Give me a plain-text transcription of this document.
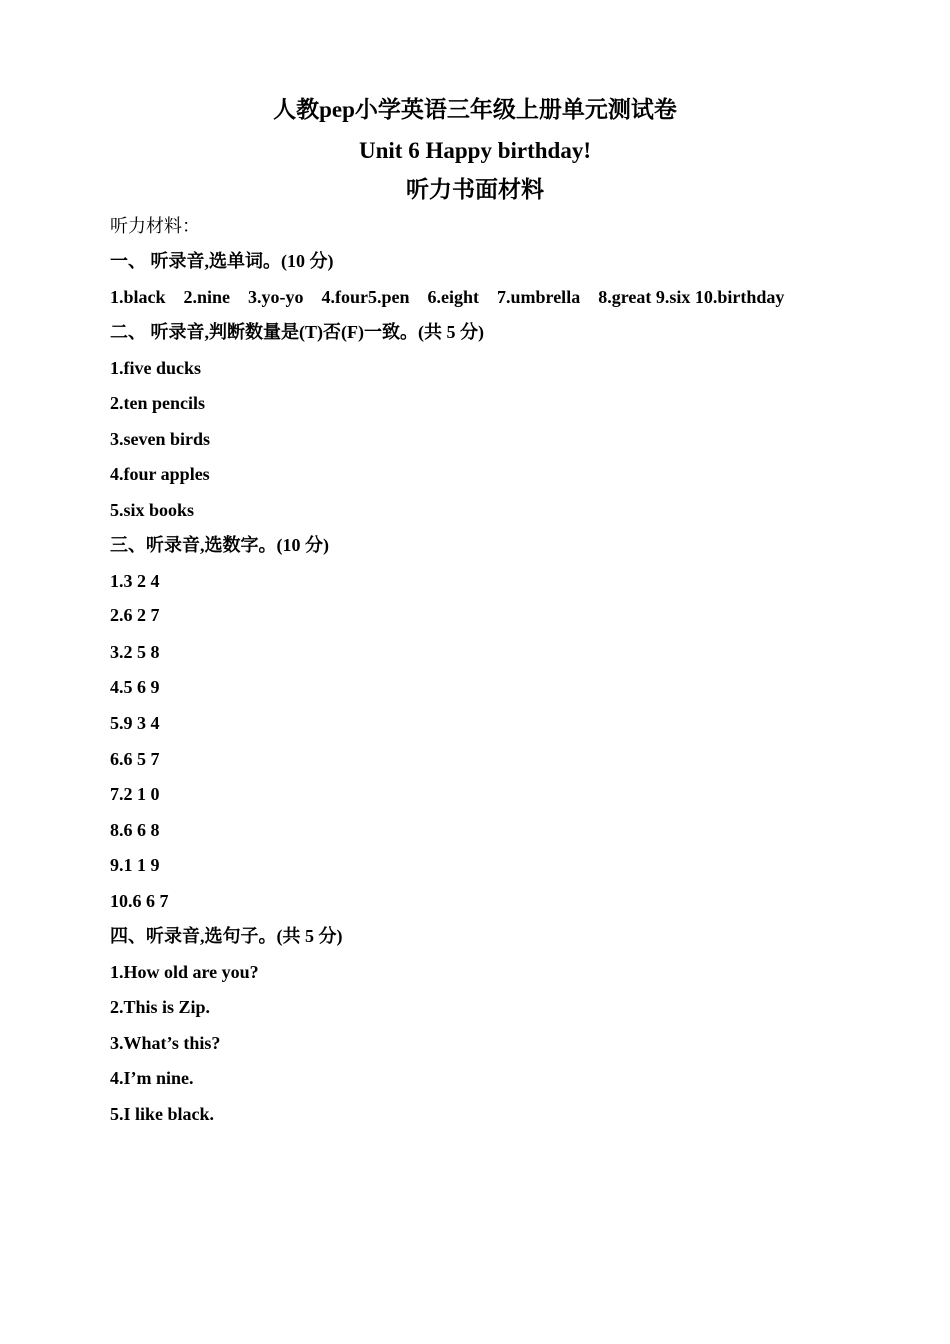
人教pep小学英语三年级上册单元测试卷
Unit 6 Happy birthday!
听力书面材料
听力材料：
一、 听录音,选单词。(10 分)
1.black    2.nine    3.yo-yo    4.four5.pen    6.eight    7.umbrella    8.great 9.six 10.birthday
二、 听录音,判断数量是(T)否(F)一致。(共 5 分)
1.five ducks
2.ten pencils
3.seven birds
4.four apples
5.six books
三、听录音,选数字。(10 分)
1.3 2 4
2.6 2 7
3.2 5 8
4.5 6 9
5.9 3 4
6.6 5 7
7.2 1 0
8.6 6 8
9.1 1 9
10.6 6 7
四、听录音,选句子。(共 5 分)
1.How old are you?
2.This is Zip.
3.What’s this?
4.I’m nine.
5.I like black.
